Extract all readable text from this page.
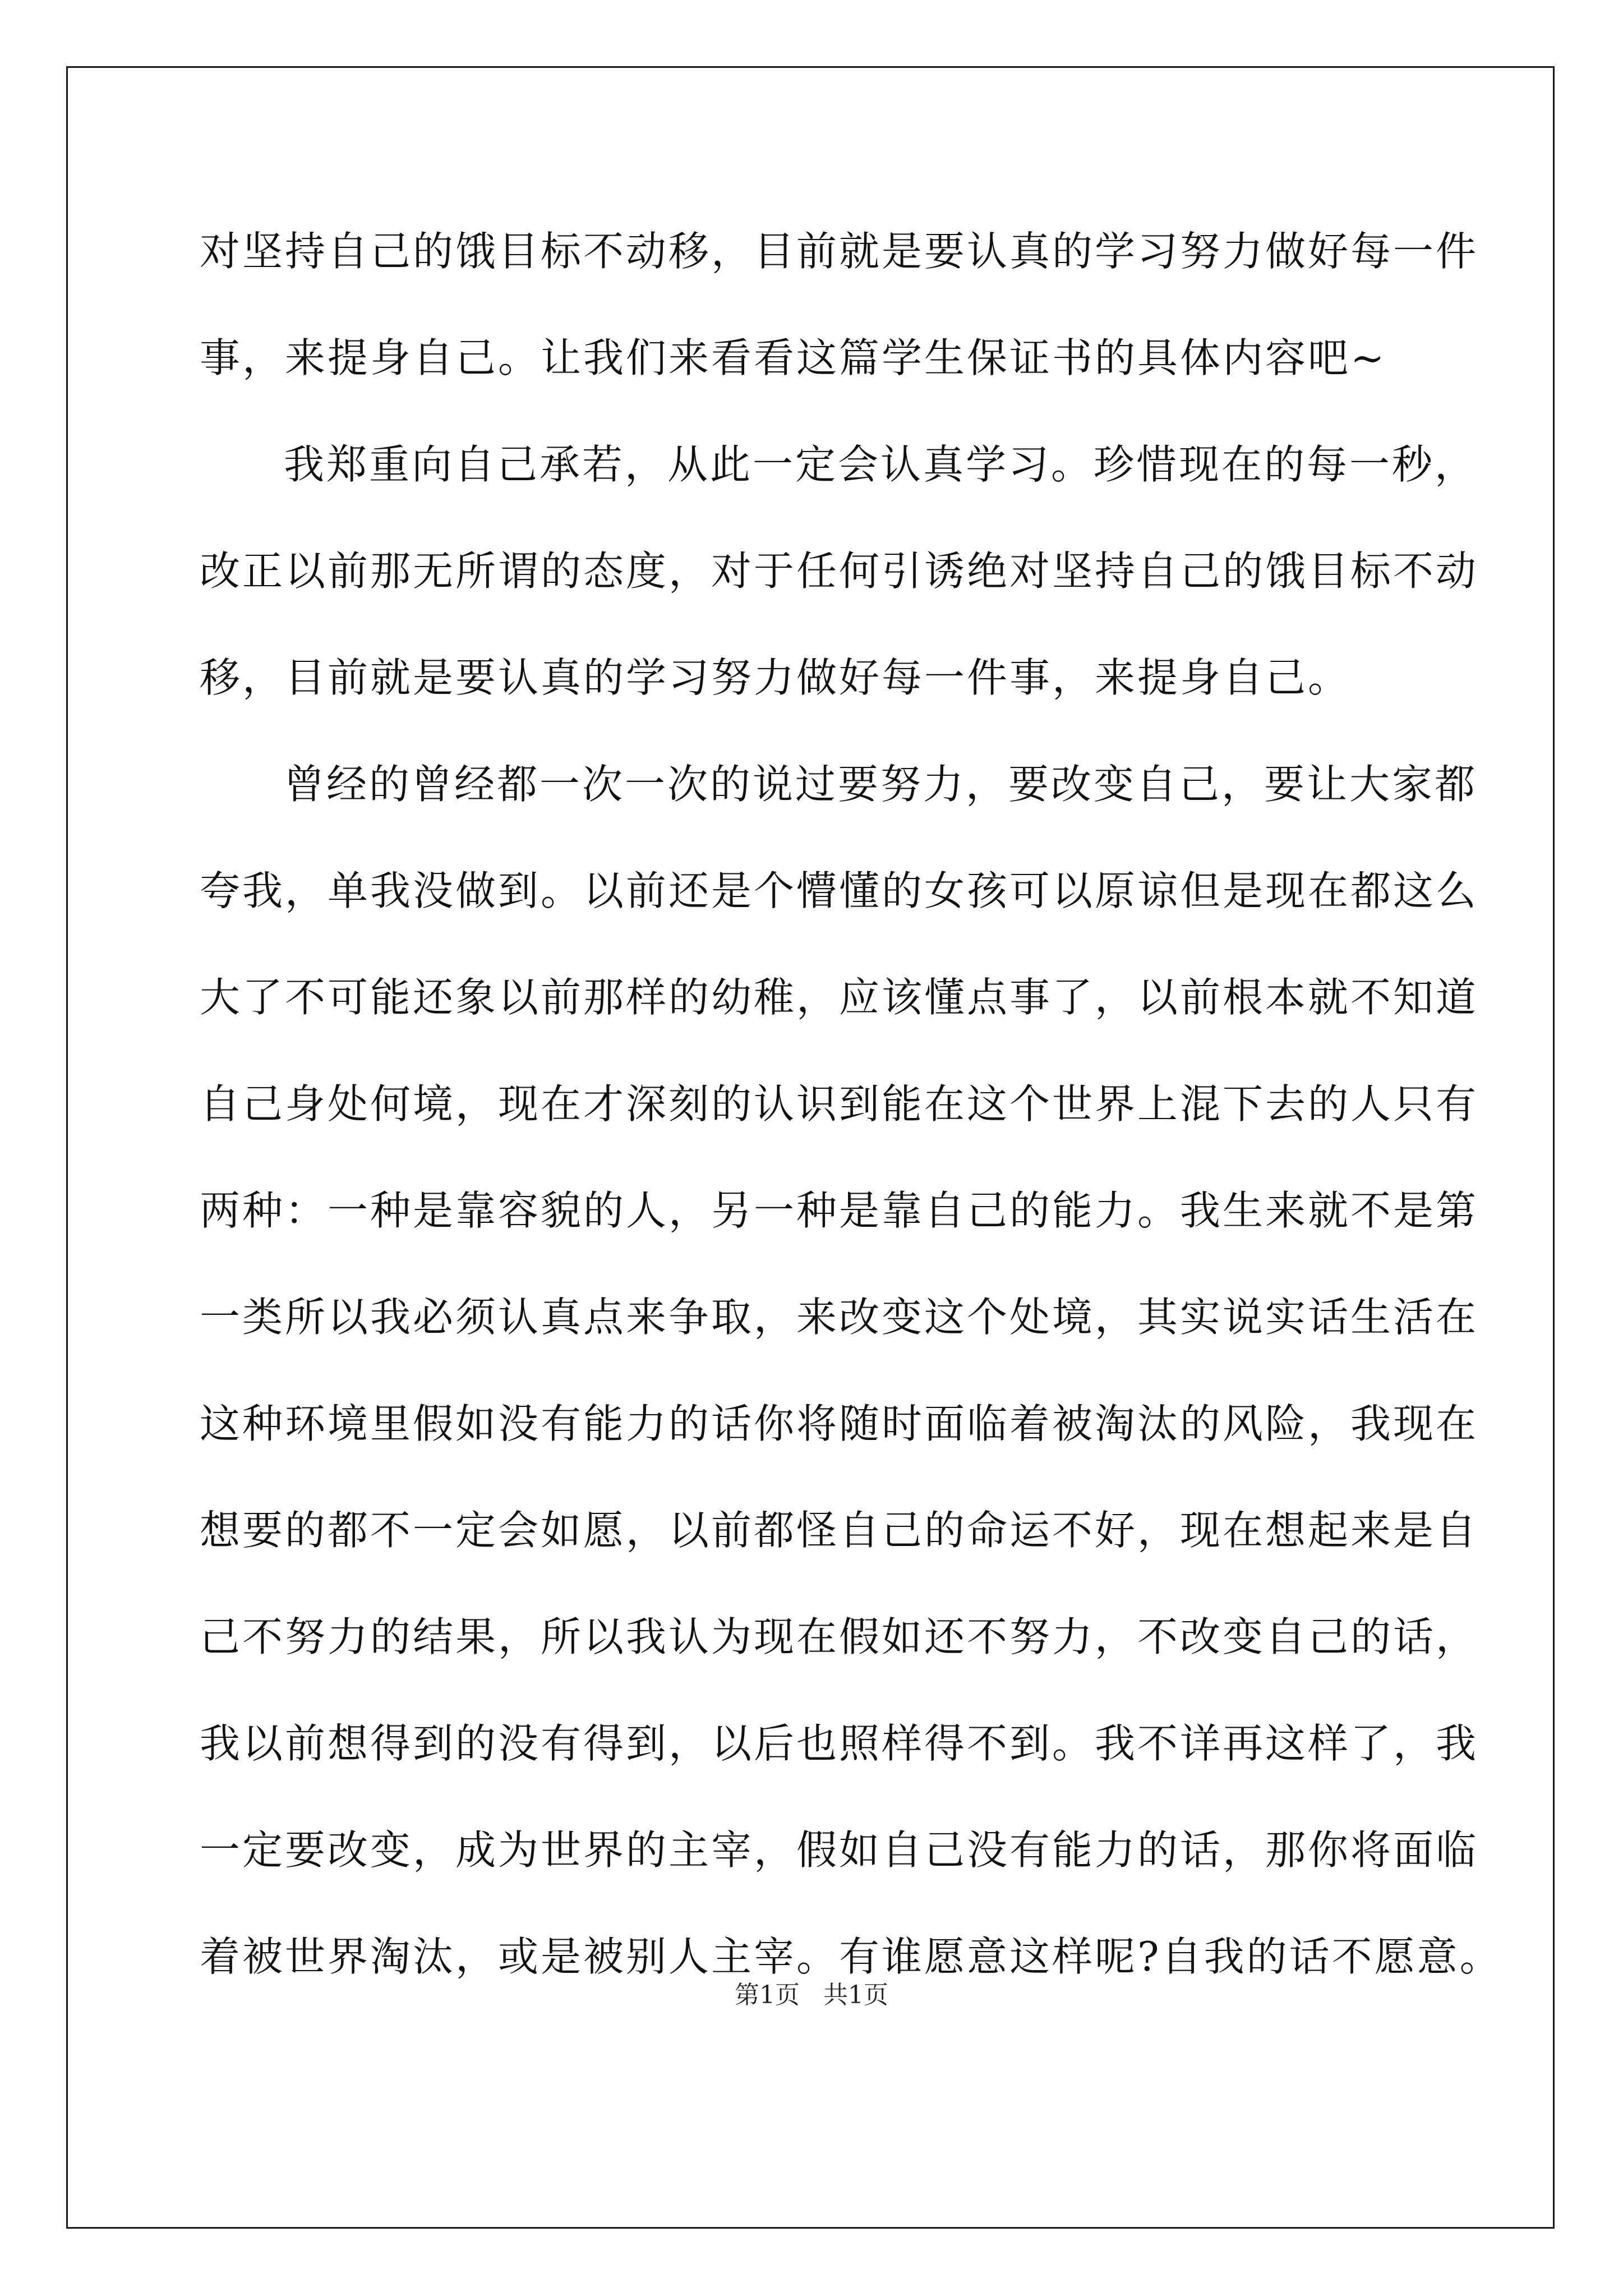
对坚持自己的饿目标不动移，目前就是要认真的学习努力做好每一件
事，来提身自己。让我们来看看这篇学生保证书的具体内容吧~
我郑重向自己承若，从此一定会认真学习。珍惜现在的每一秒，
改正以前那无所谓的态度，对于任何引诱绝对坚持自己的饿目标不动
移，目前就是要认真的学习努力做好每一件事，来提身自己。
曾经的曾经都一次一次的说过要努力，要改变自己，要让大家都
夸我，单我没做到。以前还是个懵懂的女孩可以原谅但是现在都这么
大了不可能还象以前那样的幼稚，应该懂点事了，以前根本就不知道
自己身处何境，现在才深刻的认识到能在这个世界上混下去的人只有
两种：一种是靠容貌的人，另一种是靠自己的能力。我生来就不是第
一类所以我必须认真点来争取，来改变这个处境，其实说实话生活在
这种环境里假如没有能力的话你将随时面临着被淘汰的风险，我现在
想要的都不一定会如愿，以前都怪自己的命运不好，现在想起来是自
己不努力的结果，所以我认为现在假如还不努力，不改变自己的话，
我以前想得到的没有得到，以后也照样得不到。我不详再这样了，我
一定要改变，成为世界的主宰，假如自己没有能力的话，那你将面临
着被世界淘汰，或是被别人主宰。有谁愿意这样呢?自我的话不愿意。
第1页 共1页
